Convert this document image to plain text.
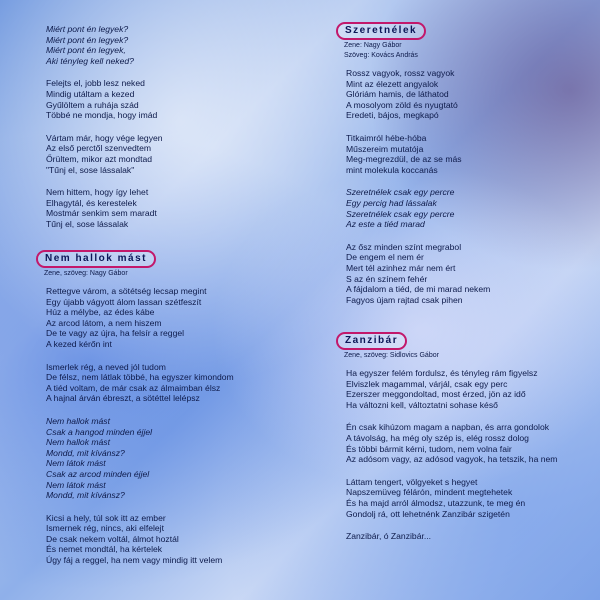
Miért pont én legyek?
Miért pont én legyek?
Miért pont én legyek,
Aki tényleg kell neked?
Felejts el, jobb lesz neked
Mindig utáltam a kezed
Gyűlöltem a ruhája szád
Többé ne mondja, hogy imád
Vártam már, hogy vége legyen
Az első perctől szenvedtem
Őrültem, mikor azt mondtad
"Tűnj el, sose lássalak"
Nem hittem, hogy így lehet
Elhagytál, és kerestelek
Mostmár senkim sem maradt
Tűnj el, sose lássalak
Nem hallok mást
Zene, szöveg: Nagy Gábor
Rettegve várom, a sötétség lecsap megint
Egy újabb vágyott álom lassan szétfeszít
Húz a mélybe, az édes kábe
Az arcod látom, a nem hiszem
De te vagy az újra, ha felsír a reggel
A kezed kérőn int
Ismerlek rég, a neved jól tudom
De félsz, nem látlak többé, ha egyszer kimondom
A tiéd voltam, de már csak az álmaimban élsz
A hajnal árván ébreszt, a sötéttel lelépsz
Nem hallok mást
Csak a hangod minden éjjel
Nem hallok mást
Mondd, mit kívánsz?
Nem látok mást
Csak az arcod minden éjjel
Nem látok mást
Mondd, mit kívánsz?
Kicsi a hely, túl sok itt az ember
Ismernek rég, nincs, aki elfelejt
De csak nekem voltál, álmot hoztál
És nemet mondtál, ha kértelek
Úgy fáj a reggel, ha nem vagy mindig itt velem
Szeretnélek
Zene: Nagy Gábor
Szöveg: Kovács András
Rossz vagyok, rossz vagyok
Mint az élezett angyalok
Glóriám hamis, de láthatod
A mosolyom zöld és nyugtató
Eredeti, bájos, megkapó
Titkaimról hébe-hóba
Műszereim mutatója
Meg-megrezdül, de az se más
mint molekula koccanás
Szeretnélek csak egy percre
Egy percig had lássalak
Szeretnélek csak egy percre
Az este a tiéd marad
Az ősz minden színt megrabol
De engem el nem ér
Mert tél azinhez már nem ért
S az én színem fehér
A fájdalom a tiéd, de mi marad nekem
Fagyos újam rajtad csak pihen
Zanzibár
Zene, szöveg: Sidlovics Gábor
Ha egyszer felém fordulsz, és tényleg rám figyelsz
Elviszlek magammal, várjál, csak egy perc
Ezerszer meggondoltad, most érzed, jön az idő
Ha változni kell, változtatni sohase késő
Én csak kihúzom magam a napban, és arra gondolok
A távolság, ha még oly szép is, elég rossz dolog
És többi bármit kérni, tudom, nem volna fair
Az adósom vagy, az adósod vagyok, ha tetszik, ha nem
Láttam tengert, völgyeket s hegyet
Napszemüveg félárón, mindent megtehetek
És ha majd arról álmodsz, utazzunk, te meg én
Gondolj rá, ott lehetnénk Zanzibár szigetén
Zanzibár, ó Zanzibár...
